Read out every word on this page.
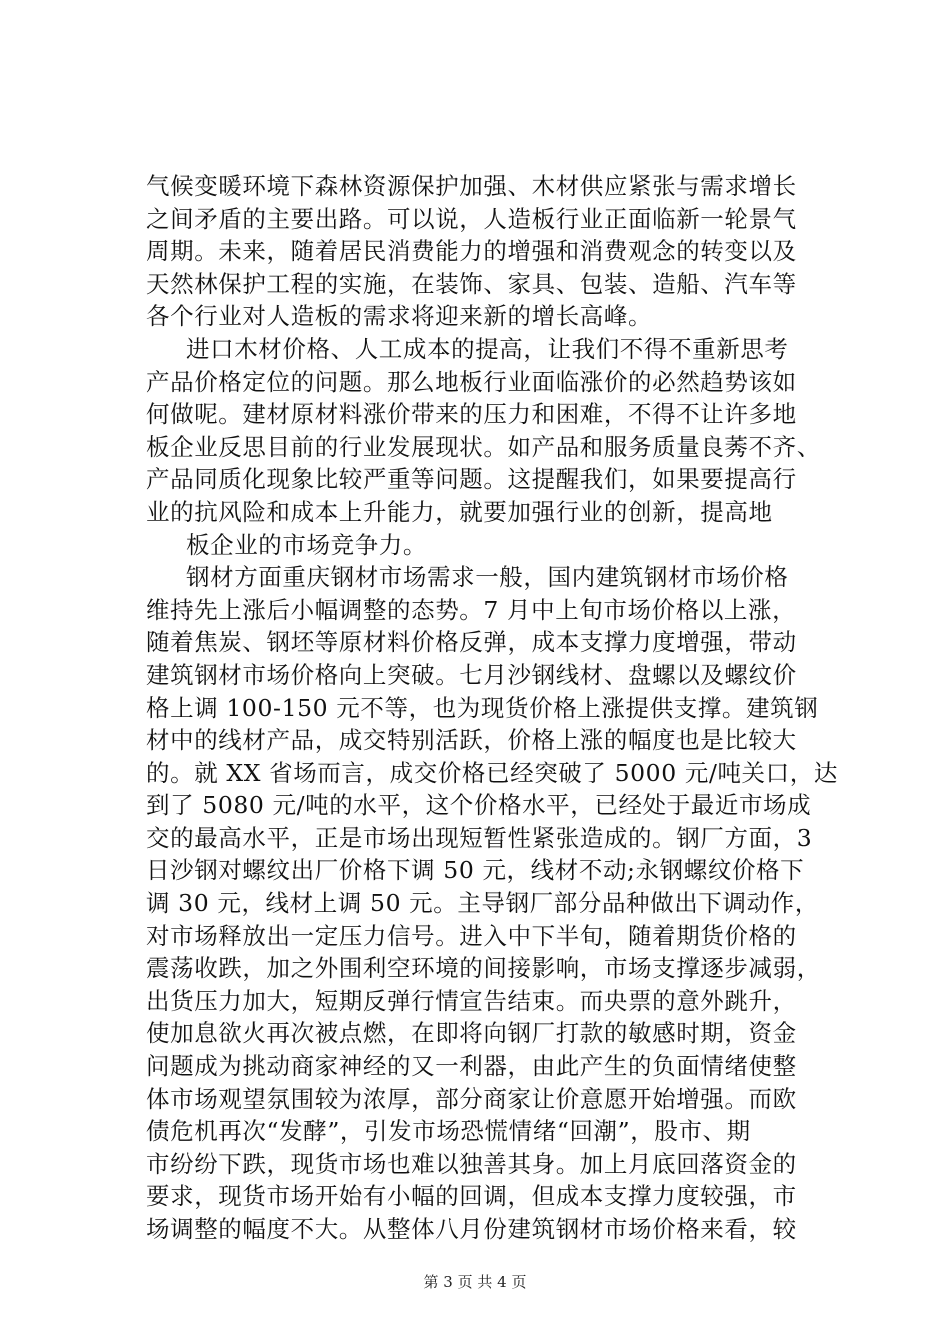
气候变暖环境下森林资源保护加强、木材供应紧张与需求增长
之间矛盾的主要出路。可以说，人造板行业正面临新一轮景气
周期。未来，随着居民消费能力的增强和消费观念的转变以及
天然林保护工程的实施，在装饰、家具、包装、造船、汽车等
各个行业对人造板的需求将迎来新的增长高峰。
进口木材价格、人工成本的提高，让我们不得不重新思考
产品价格定位的问题。那么地板行业面临涨价的必然趋势该如
何做呢。建材原材料涨价带来的压力和困难，不得不让许多地
板企业反思目前的行业发展现状。如产品和服务质量良莠不齐、
产品同质化现象比较严重等问题。这提醒我们，如果要提高行
业的抗风险和成本上升能力，就要加强行业的创新，提高地
板企业的市场竞争力。
钢材方面重庆钢材市场需求一般，国内建筑钢材市场价格
维持先上涨后小幅调整的态势。7 月中上旬市场价格以上涨，
随着焦炭、钢坯等原材料价格反弹，成本支撑力度增强，带动
建筑钢材市场价格向上突破。七月沙钢线材、盘螺以及螺纹价
格上调 100-150 元不等，也为现货价格上涨提供支撑。建筑钢
材中的线材产品，成交特别活跃，价格上涨的幅度也是比较大
的。就 XX 省场而言，成交价格已经突破了 5000 元/吨关口，达
到了 5080 元/吨的水平，这个价格水平，已经处于最近市场成
交的最高水平，正是市场出现短暂性紧张造成的。钢厂方面，3
日沙钢对螺纹出厂价格下调 50 元，线材不动;永钢螺纹价格下
调 30 元，线材上调 50 元。主导钢厂部分品种做出下调动作，
对市场释放出一定压力信号。进入中下半旬，随着期货价格的
震荡收跌，加之外围利空环境的间接影响，市场支撑逐步减弱，
出货压力加大，短期反弹行情宣告结束。而央票的意外跳升，
使加息欲火再次被点燃，在即将向钢厂打款的敏感时期，资金
问题成为挑动商家神经的又一利器，由此产生的负面情绪使整
体市场观望氛围较为浓厚，部分商家让价意愿开始增强。而欧
债危机再次“发酵”，引发市场恐慌情绪“回潮”，股市、期
市纷纷下跌，现货市场也难以独善其身。加上月底回落资金的
要求，现货市场开始有小幅的回调，但成本支撑力度较强，市
场调整的幅度不大。从整体八月份建筑钢材市场价格来看，较
第 3 页 共 4 页
